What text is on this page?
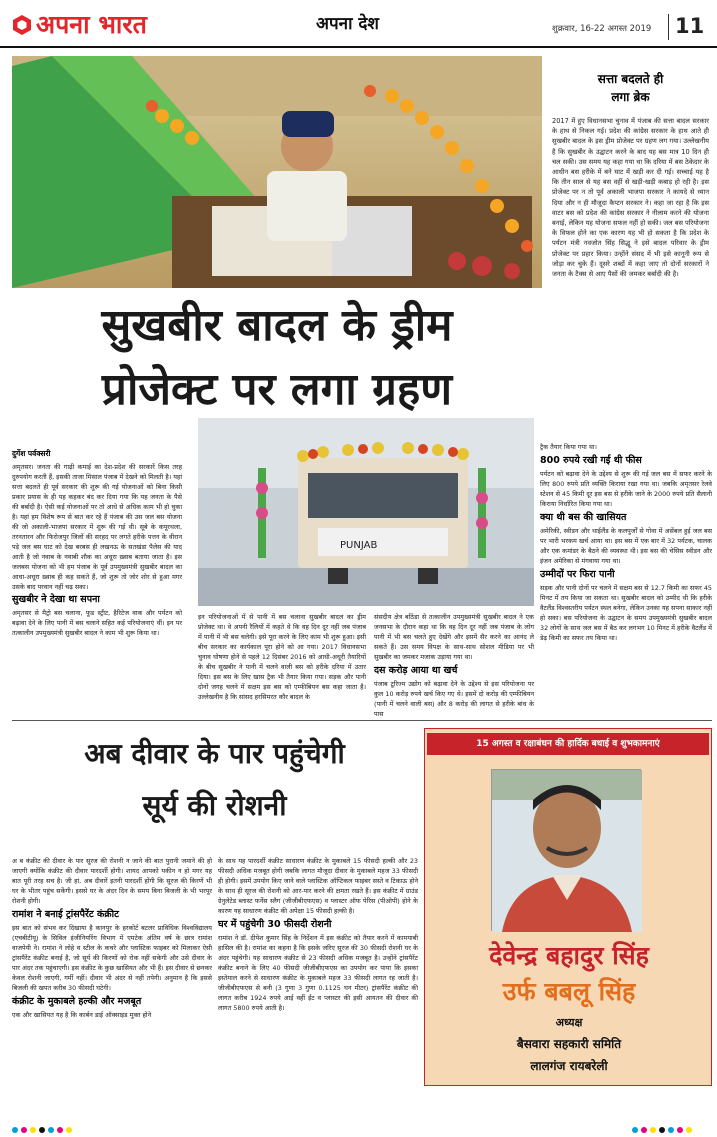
अपना भारत	अपना देश	शुक्रवार, 16-22 अगस्त 2019	11
सत्ता बदलते ही
लगा ब्रेक
2017 में हुए विधानसभा चुनाव में पंजाब की सत्ता बादल सरकार के हाथ से निकल गई। प्रदेश की कांग्रेस सरकार के हाथ आते ही सुखबीर बादल के इस ड्रीम प्रोजेक्ट पर ग्रहण लग गया। उल्लेखनीय है कि सुखबीर के उद्घाटन करने के बाद यह बस मात्र 10 दिन ही चल सकी। उस समय यह कहा गया था कि दरिया में बस ठेकेदार के आधीन बस हरीके में बने घाट में खड़ी कर दी गई। सच्चाई यह है कि तीन साल से यह बस वहीं से खड़ी-खड़ी कबाड़ हो रही है। इस प्रोजेक्ट पर न तो पूर्व अकाली भाजपा सरकार ने कायदे से ध्यान दिया और न ही मौजूदा कैप्टन सरकार ने। कहा जा रहा है कि इस वाटर बस को प्रदेश की कांग्रेस सरकार ने नीलाम करने की योजना बनाई, लेकिन यह योजना सफल नहीं हो सकी। जल बस परियोजना के विफल होने का एक कारण यह भी हो सकता है कि प्रदेश के पर्यटन मंत्री नवजोत सिंह सिद्धू ने इसे बादल परिवार के ड्रीम प्रोजेक्ट पर प्रहार किया। उन्होंने संसद में भी इसे कानूनी रूप से जोड़ा कर चुके हैं। दूसरे शब्दों में कहा जाए तो दोनों सरकारों ने जनता के टैक्स से आए पैसों की जमकर बर्बादी की है।
सुखबीर बादल के ड्रीम
प्रोजेक्ट पर लगा ग्रहण
दुर्गेश पर्वक्सरी

अमृतसर। जनता की गाढ़ी कमाई का देश-प्रदेश की सरकारें किस तरह दुरुपयोग करती हैं, इसकी ताजा मिसाल पंजाब में देखने को मिलती है। यहां सत्ता बदलते ही पूर्व सरकार की शुरू की गई योजनाओं को बिना किसी प्रकार प्रयास के ही यह कहकर बंद कर दिया गया कि यह जनता के पैसे की बर्बादी है। ऐसी कई योजनाओं पर तो आधे से अधिक काम भी हो चुका है। यहां हम विशेष रूप से बात कर रहे हैं पंजाब की उस जल बस योजना की जो अकाली-भाजपा सरकार में शुरू की गई थी। सूबे के कपूरथला, तरनतारन और फिरोजपुर जिलों की सरहद पर लगते हरीके पत्तन के वीरान पड़े जल बस घाट को देख बरबस ही लखनऊ के सतखंडा पैलेस की याद आती है जो नवाब के नवाबी शौक का अधूरा ख़्वाब बताया जाता है। इस जलबस योजना को भी हम पंजाब के पूर्व उपमुख्यमंत्री सुखबीर बादल का आधा-अधूरा ख़्वाब ही कह सकते हैं, जो शुरू तो जोर शोर से हुआ मगर उसके बाद परवान नहीं चढ़ सका।

सुखबीर ने देखा था सपना

अमृतसर से मैट्रो बस चलाना, फूड स्ट्रीट, हैरिटेज वाक और पर्यटन को बढ़ावा देने के लिए पानी में बस चलाने सहित कई परियोजनाएं थीं। इन पर तत्कालीन उपमुख्यमंत्री सुखबीर बादल ने काम भी शुरू किया था।

PUNJAB
इन परियोजनाओं में से पानी में बस चलाना सुखबीर बादल का ड्रीम प्रोजेक्ट था। वे अपनी रैलियों में कहते थे कि वह दिन दूर नहीं जब पंजाब में पानी में भी बस चलेगी। इसे पूरा करने के लिए काम भी शुरू हुआ। इसी बीच सरकार का कार्यकाल पूरा होने को आ गया। 2017 विधानसभा चुनाव घोषणा होने से पहले 12 दिसंबर 2016 को आधी-अधूरी तैयारियों के बीच सुखबीर ने पानी में चलने वाली बस को हरीके दरिया में उतार दिया। इस बस के लिए खास ट्रैक भी तैयार किया गया। सड़क और पानी दोनों जगह चलने में सक्षम इस बस को एम्फीबियन बस कहा जाता है। उल्लेखनीय है कि सांसद हरसिमरत कौर बादल के

संसदीय क्षेत्र बठिंडा से तत्कालीन उपमुख्यमंत्री सुखबीर बादल ने एक जनसभा के दौरान कहा था कि वह दिन दूर नहीं जब पंजाब के लोग पानी में भी बस चलते हुए देखेंगे और इसमें सैर करने का आनंद ले सकते हैं। उस समय विपक्ष के साथ-साथ सोशल मीडिया पर भी सुखबीर का जमकर मजाक उड़ाया गया था।

दस करोड़ आया था खर्च

पंजाब टूरिज्म उद्योग को बढ़ावा देने के उद्देश्य से इस परियोजना पर कुल 10 करोड़ रुपये खर्च किए गए थे। इसमें दो करोड़ की एम्फीबियन (पानी में चलने वाली बस) और 8 करोड़ की लागत से हरीके बांध के पास

ट्रैक तैयार किया गया था।

800 रुपये रखी गई थी फीस

पर्यटन को बढ़ावा देने के उद्देश्य से शुरू की गई जल बस में सफर करने के लिए 800 रुपये प्रति व्यक्ति किराया रखा गया था। जबकि अमृतसर रेलवे स्टेशन से 45 किमी दूर इस बस से हरीके जाने के 2000 रुपये प्रति सैलानी किराया निर्धारित किया गया था।

क्या थी बस की खासियत

अमेरिकी, स्वीडन और थाईलैंड के कलपुर्जों से गोवा में असेंबल हुई जल बस पर भारी भरकम खर्च आया था। इस बस में एक बार में 32 पर्यटक, चालक और एक कमांडर के बैठने की व्यवस्था थी। इस बस की चेसिस स्वीडन और इंजन अमेरिका से मंगवाया गया था।

उम्मीदों पर फिरा पानी

सड़क और पानी दोनों पर चलने में सक्षम बस से 12.7 किमी का सफर 45 मिनट में तय किया जा सकता था। सुखबीर बादल को उम्मीद थी कि हरीके वैटलैंड विश्वस्तरीय पर्यटन स्थल बनेगा, लेकिन उनका यह सपना साकार नहीं हो सका। बस परियोजना के उद्घाटन के समय उपमुख्यमंत्री सुखबीर बादल 32 लोगों के साथ जल बस में बैठ कर लगभग 10 मिनट में हरीके वैटलैंड में डेढ़ किमी का सफर तय किया था।

अब दीवार के पार पहुंचेगी
सूर्य की रोशनी

अ ब कंक्रीट की दीवार के पार सूरज की रोशनी न जाने की बात पुरानी जमाने की हो जाएगी क्योंकि कंक्रीट की दीवार पारदर्शी होगी। शायद आपको यकीन न हो मगर यह बात पूरी तरह सच है। जी हां, अब दीवारें इतनी पारदर्शी होंगी कि सूरज की किरणें भी घर के भीतर पहुंच सकेंगी। इससे घर के अंदर दिन के समय बिना बिजली के भी भरपूर रोशनी होगी।

रामांश ने बनाई ट्रांसपैरेंट कंक्रीट

इस बात को संभव कर दिखाया है कानपुर के हरकोर्ट बटलर प्राविधिक विश्वविद्यालय (एचबीटीयू) के सिविल इंजीनियरिंग विभाग में एमटेक अंतिम वर्ष के छात्र रामांश वाजपेयी ने। रामांश ने लोहे व स्टील के कचरे और प्लास्टिक फाइबर को मिलाकर ऐसी ट्रांसपैरेंट कंक्रीट बनाई है, जो सूर्य की किरणों को रोक नहीं सकेगी और उसे दीवार के पार अंदर तक पहुंचाएगी। इस कंक्रीट के कुछ खासियत और भी हैं। इस दीवार से छनकर केवल रोशनी जाएगी, गर्मी नहीं। दीवार भी अंदर से नहीं तपेगी। अनुमान है कि इससे बिजली की खपत करीब 30 फीसदी घटेगी।

कंक्रीट के मुकाबले हल्की और मजबूत

एक और खासियत यह है कि कार्बन डाई ऑक्साइड मुक्त होने

के साथ यह पारदर्शी कंक्रीट साधारण कंक्रीट के मुकाबले 15 फीसदी हल्की और 23 फीसदी अधिक मजबूत होगी जबकि लागत मौजूदा दीवार के मुकाबले महज 33 फीसदी ही होगी। इसमें उपयोग किए जाने वाले प्लास्टिक ऑप्टिकल फाइबर सस्ते व टिकाऊ होने के साथ ही सूरज की रोशनी को आर-पार करने की क्षमता रखते हैं। इस कंक्रीट में ग्राउंड ग्रेनुलेटेड ब्लास्ट फर्नेस स्लैग (जीजीबीएफएस) व प्लास्टर ऑफ पेरिस (पीओपी) होने के कारण यह साधारण कंक्रीट की अपेक्षा 15 फीसदी हल्की है।

घर में पहुंचेगी 30 फीसदी रोशनी

रामांश ने डॉ. दीपेश कुमार सिंह के निर्देशन में इस कंक्रीट को तैयार करने में कामयाबी हासिल की है। रामांश का कहना है कि इसके जरिए सूरज की 30 फीसदी रोशनी घर के अंदर पहुंचेगी। यह साधारण कंक्रीट से 23 फीसदी अधिक मजबूत है। उन्होंने ट्रांसपैरेंट कंक्रीट बनाने के लिए 40 फीसदी जीजीबीएफएस का उपयोग कर पाया कि इसका इस्तेमाल करने से साधारण कंक्रीट के मुकाबले महज 33 फीसदी लागत रह जाती है। जीजीबीएफएस से बनी (3 गुणा 3 गुणा 0.1125 घन मीटर) ट्रांसपैरेंट कंक्रीट की लागत करीब 1924 रुपये आई वहीं ईंट व प्लास्टर की इसी आयतन की दीवार की लागत 5800 रुपये आती है।

15 अगस्त व रक्षाबंधन की हार्दिक बधाई व शुभकामनाएं
देवेन्द्र बहादुर सिंह
उर्फ बबलू सिंह
अध्यक्ष
बैसवारा सहकारी समिति
लालगंज रायबरेली
